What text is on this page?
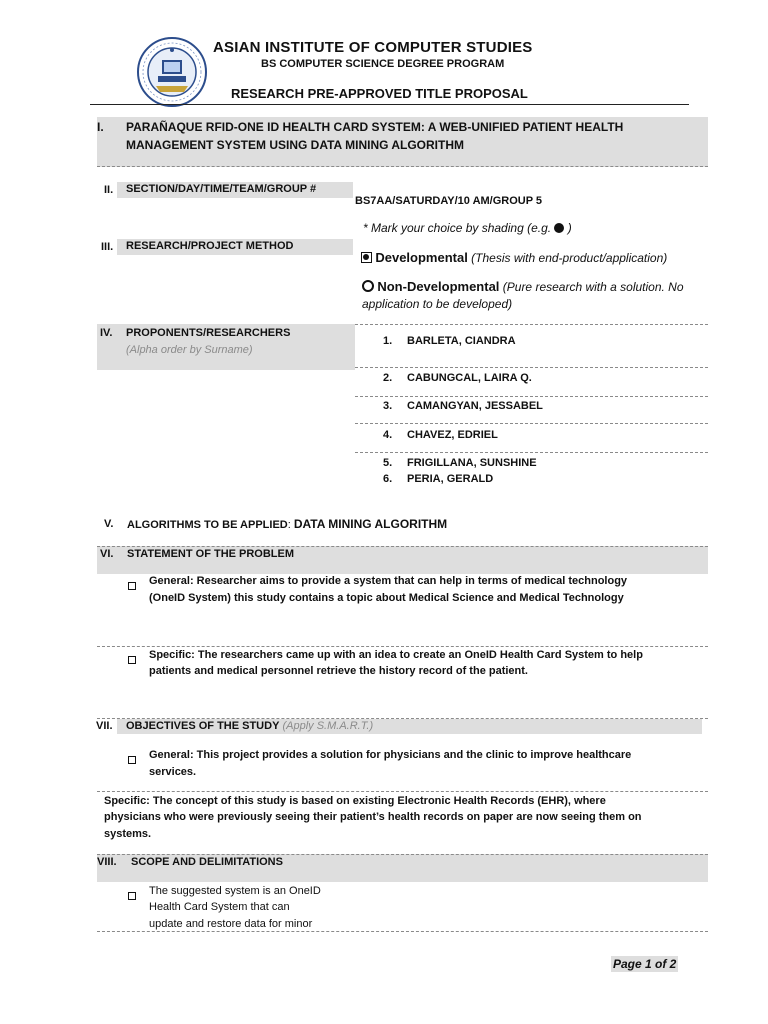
ASIAN INSTITUTE OF COMPUTER STUDIES
BS COMPUTER SCIENCE DEGREE PROGRAM
RESEARCH PRE-APPROVED TITLE PROPOSAL
I. PARAÑAQUE RFID-ONE ID HEALTH CARD SYSTEM: A WEB-UNIFIED PATIENT HEALTH
MANAGEMENT SYSTEM USING DATA MINING ALGORITHM
II.	SECTION/DAY/TIME/TEAM/GROUP #
BS7AA/SATURDAY/10 AM/GROUP 5
III.	RESEARCH/PROJECT METHOD
* Mark your choice by shading (e.g.  )
Developmental (Thesis with end-product/application)
Non-Developmental (Pure research with a solution. No
application to be developed)
IV. PROPONENTS/RESEARCHERS
(Alpha order by Surname)
1. BARLETA, CIANDRA
2. CABUNGCAL, LAIRA Q.
3. CAMANGYAN, JESSABEL
4. CHAVEZ, EDRIEL
5. FRIGILLANA, SUNSHINE
6. PERIA, GERALD
V. ALGORITHMS TO BE APPLIED: DATA MINING ALGORITHM
VI. STATEMENT OF THE PROBLEM
General: Researcher aims to provide a system that can help in terms of medical technology
(OneID System) this study contains a topic about Medical Science and Medical Technology
Specific: The researchers came up with an idea to create an OneID Health Card System to help
patients and medical personnel retrieve the history record of the patient.
VII. OBJECTIVES OF THE STUDY (Apply S.M.A.R.T.)
General: This project provides a solution for physicians and the clinic to improve healthcare
services.
Specific: The concept of this study is based on existing Electronic Health Records (EHR), where
physicians who were previously seeing their patient’s health records on paper are now seeing them on
systems.
VIII. SCOPE AND DELIMITATIONS
The suggested system is an OneID
Health Card System that can
update and restore data for minor
Page 1 of 2
